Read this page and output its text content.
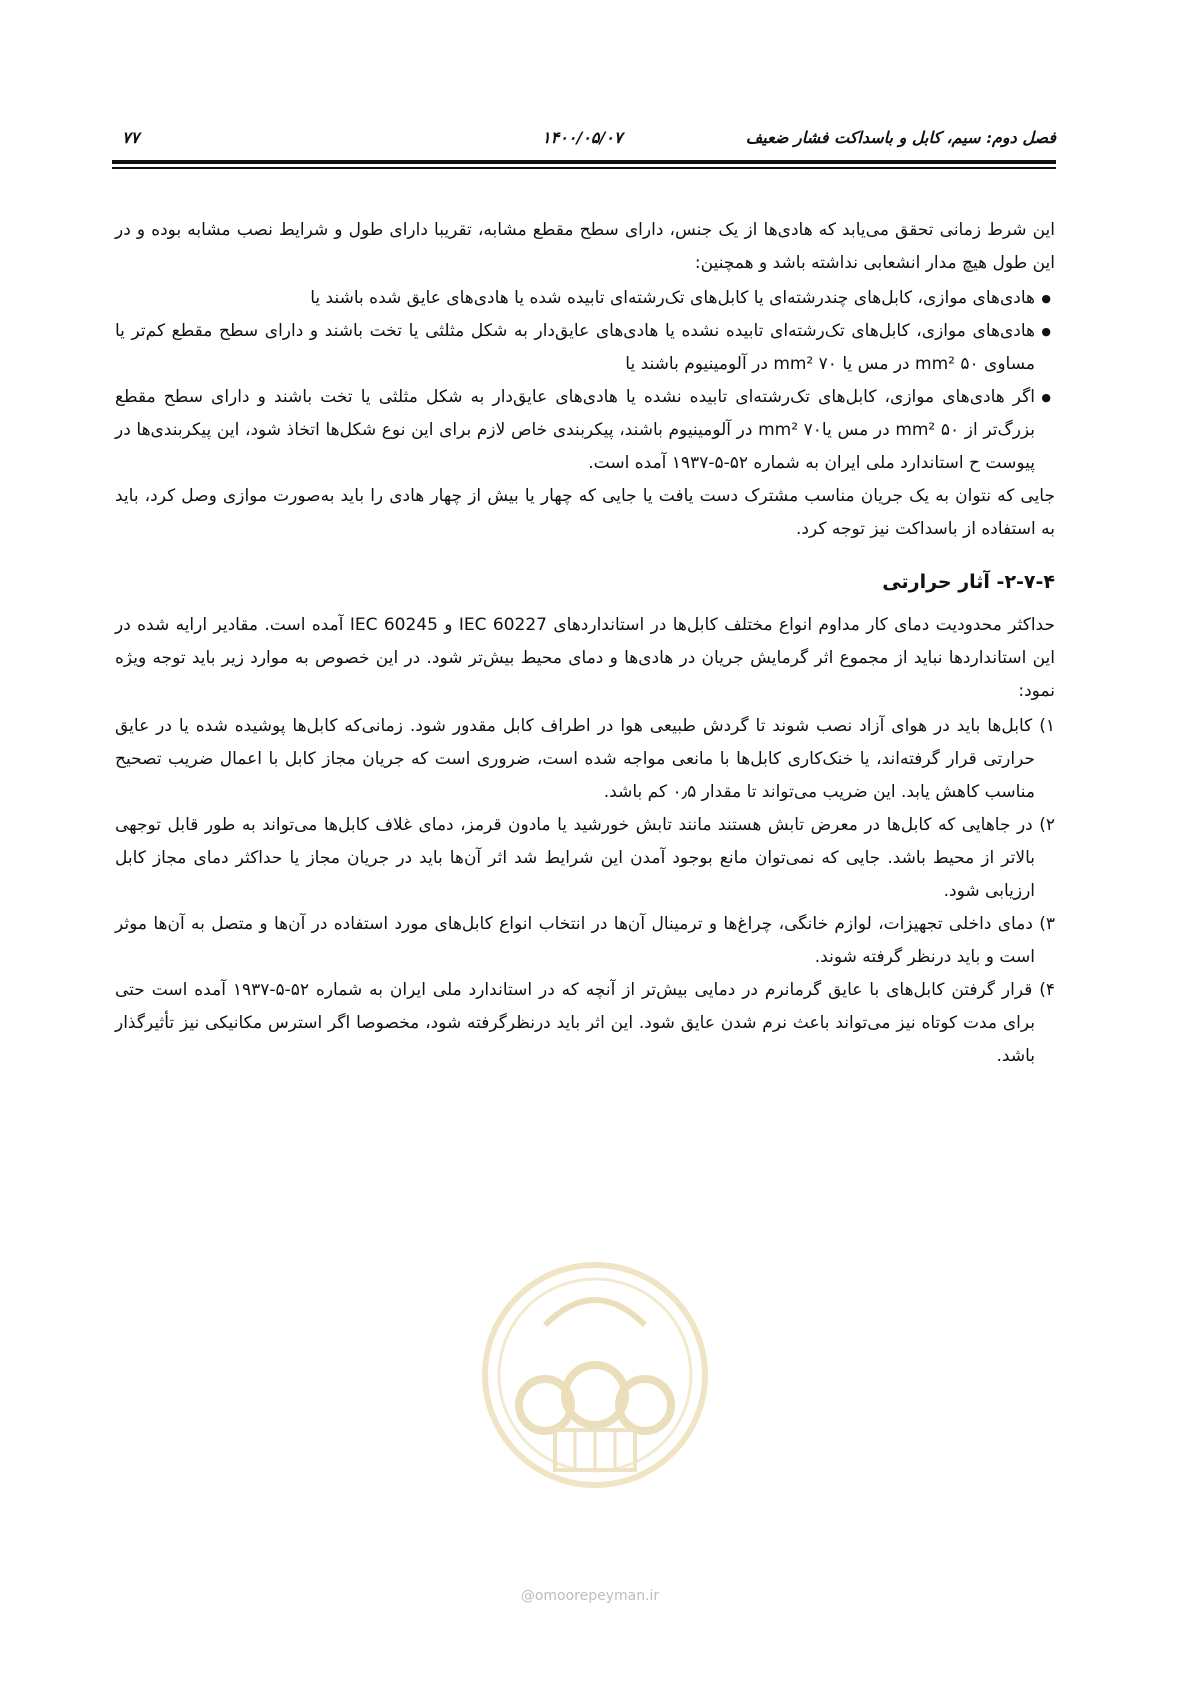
فصل دوم: سیم، کابل و باسداکت فشار ضعیف
۱۴۰۰/۰۵/۰۷
۷۷

این شرط زمانی تحقق می‌یابد که هادی‌ها از یک جنس، دارای سطح مقطع مشابه، تقریبا دارای طول و شرایط نصب مشابه بوده و در این طول هیچ مدار انشعابی نداشته باشد و همچنین:

● هادی‌های موازی، کابل‌های چندرشته‌ای یا کابل‌های تک‌رشته‌ای تابیده شده یا هادی‌های عایق شده باشند یا
● هادی‌های موازی، کابل‌های تک‌رشته‌ای تابیده نشده یا هادی‌های عایق‌دار به شکل مثلثی یا تخت باشند و دارای سطح مقطع کم‌تر یا مساوی ۵۰ mm² در مس یا ۷۰ mm² در آلومینیوم باشند یا
● اگر هادی‌های موازی، کابل‌های تک‌رشته‌ای تابیده نشده یا هادی‌های عایق‌دار به شکل مثلثی یا تخت باشند و دارای سطح مقطع بزرگ‌تر از ۵۰ mm² در مس یا۷۰ mm² در آلومینیوم باشند، پیکربندی خاص لازم برای این نوع شکل‌ها اتخاذ شود، این پیکربندی‌ها در پیوست ح استاندارد ملی ایران به شماره ۵۲-۵-۱۹۳۷ آمده است.

جایی که نتوان به یک جریان مناسب مشترک دست یافت یا جایی که چهار یا بیش از چهار هادی را باید به‌صورت موازی وصل کرد، باید به استفاده از باسداکت نیز توجه کرد.

۲-۷-۴- آثار حرارتی

حداکثر محدودیت دمای کار مداوم انواع مختلف کابل‌ها در استانداردهای IEC 60227 و IEC 60245 آمده است. مقادیر ارایه شده در این استانداردها نباید از مجموع اثر گرمایش جریان در هادی‌ها و دمای محیط بیش‌تر شود. در این خصوص به موارد زیر باید توجه ویژه نمود:

۱) کابل‌ها باید در هوای آزاد نصب شوند تا گردش طبیعی هوا در اطراف کابل مقدور شود. زمانی‌که کابل‌ها پوشیده شده یا در عایق حرارتی قرار گرفته‌اند، یا خنک‌کاری کابل‌ها با مانعی مواجه شده است، ضروری است که جریان مجاز کابل با اعمال ضریب تصحیح مناسب کاهش یابد. این ضریب می‌تواند تا مقدار ۰٫۵ کم باشد.

۲) در جاهایی که کابل‌ها در معرض تابش هستند مانند تابش خورشید یا مادون قرمز، دمای غلاف کابل‌ها می‌تواند به طور قابل توجهی بالاتر از محیط باشد. جایی که نمی‌توان مانع بوجود آمدن این شرایط شد اثر آن‌ها باید در جریان مجاز یا حداکثر دمای مجاز کابل ارزیابی شود.

۳) دمای داخلی تجهیزات، لوازم خانگی، چراغ‌ها و ترمینال آن‌ها در انتخاب انواع کابل‌های مورد استفاده در آن‌ها و متصل به آن‌ها موثر است و باید درنظر گرفته شوند.

۴) قرار گرفتن کابل‌های با عایق گرمانرم در دمایی بیش‌تر از آنچه که در استاندارد ملی ایران به شماره ۵۲-۵-۱۹۳۷ آمده است حتی برای مدت کوتاه نیز می‌تواند باعث نرم شدن عایق شود. این اثر باید درنظرگرفته شود، مخصوصا اگر استرس مکانیکی نیز تأثیرگذار باشد.

@omoorepeyman.ir
